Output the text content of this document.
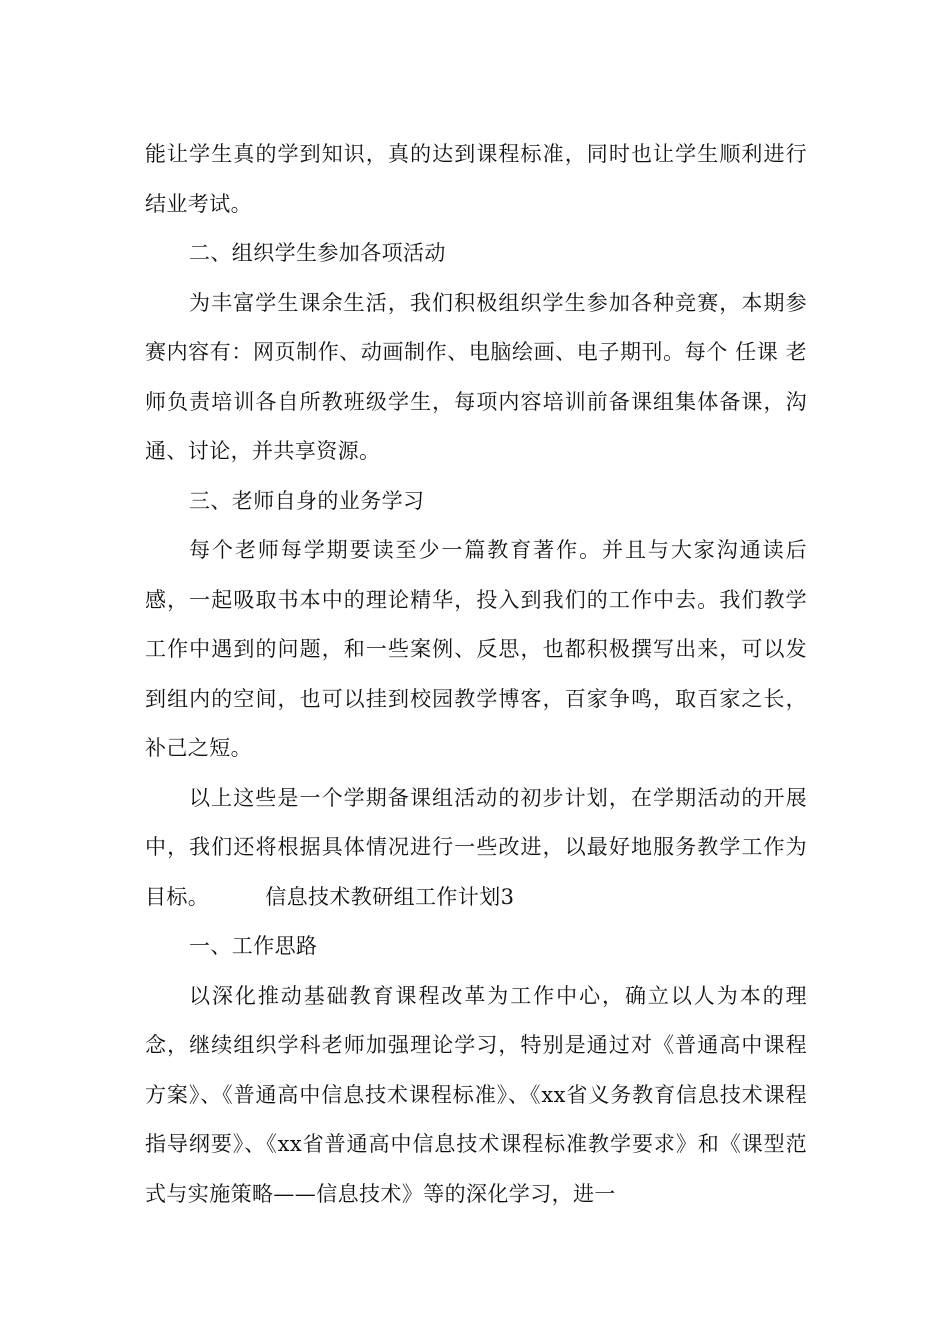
能让学生真的学到知识，真的达到课程标准，同时也让学生顺利进行结业考试。

二、组织学生参加各项活动

为丰富学生课余生活，我们积极组织学生参加各种竞赛，本期参赛内容有：网页制作、动画制作、电脑绘画、电子期刊。每个 任课 老师负责培训各自所教班级学生，每项内容培训前备课组集体备课，沟通、讨论，并共享资源。

三、老师自身的业务学习

每个老师每学期要读至少一篇教育著作。并且与大家沟通读后感，一起吸取书本中的理论精华，投入到我们的工作中去。我们教学工作中遇到的问题，和一些案例、反思，也都积极撰写出来，可以发到组内的空间，也可以挂到校园教学博客，百家争鸣，取百家之长，补己之短。

以上这些是一个学期备课组活动的初步计划，在学期活动的开展中，我们还将根据具体情况进行一些改进，以最好地服务教学工作为目标。	信息技术教研组工作计划3

一、工作思路

以深化推动基础教育课程改革为工作中心，确立以人为本的理念，继续组织学科老师加强理论学习，特别是通过对《普通高中课程方案》、《普通高中信息技术课程标准》、《xx省义务教育信息技术课程指导纲要》、《xx省普通高中信息技术课程标准教学要求》和《课型范式与实施策略——信息技术》等的深化学习，进一
